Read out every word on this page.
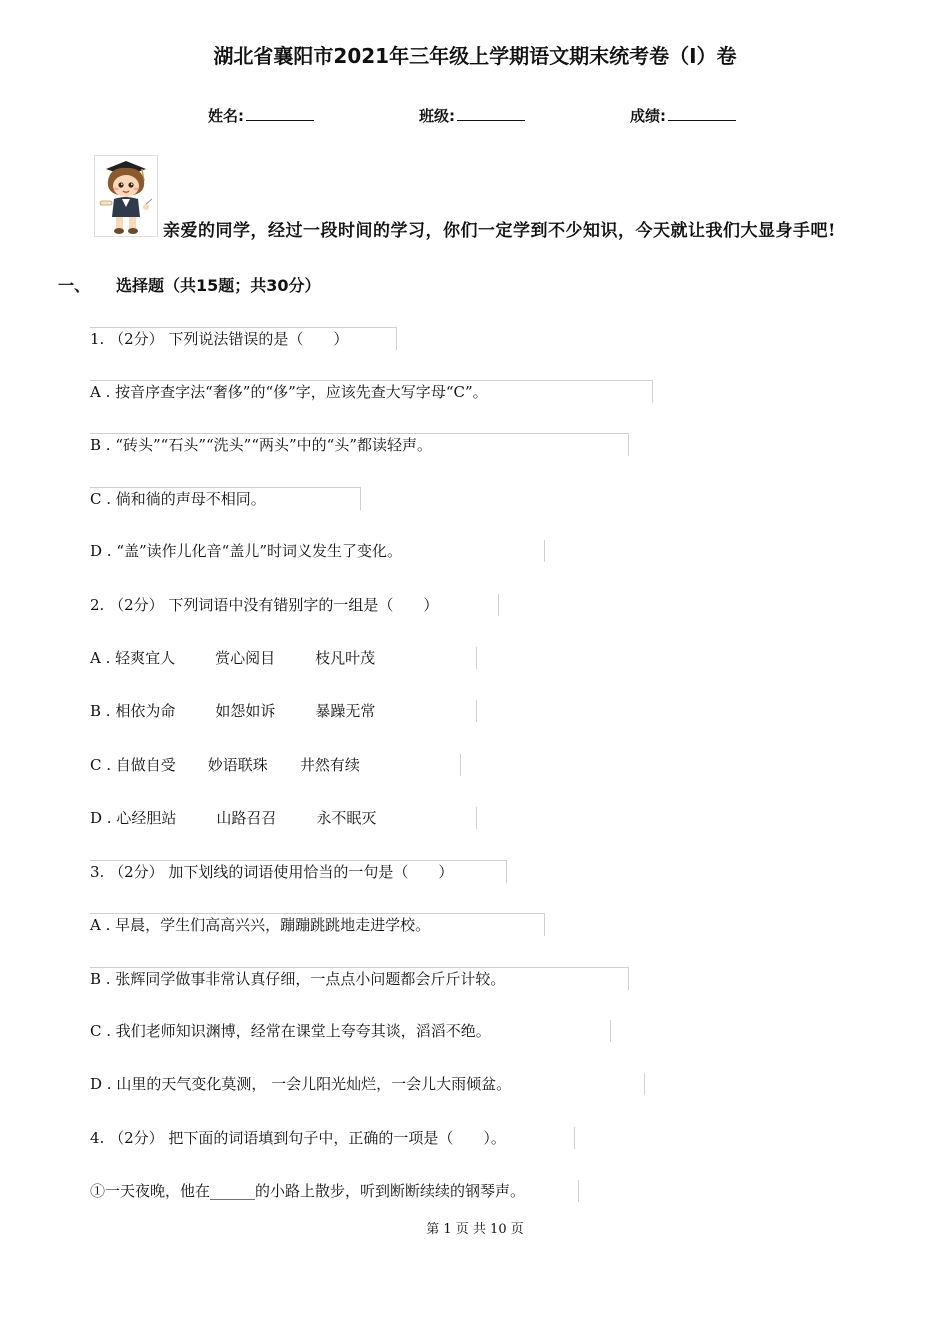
湖北省襄阳市2021年三年级上学期语文期末统考卷（I）卷
姓名:	班级:	成绩:
亲爱的同学，经过一段时间的学习，你们一定学到不少知识，今天就让我们大显身手吧!
一、 选择题（共15题；共30分）
1. （2分） 下列说法错误的是（　　）
A . 按音序查字法“奢侈”的“侈”字，应该先查大写字母“C”。
B . “砖头”“石头”“洗头”“两头”中的“头”都读轻声。
C . 倘和徜的声母不相同。
D . “盖”读作儿化音“盖儿”时词义发生了变化。
2. （2分） 下列词语中没有错别字的一组是（　　）
A . 轻爽宜人	赏心阅目	枝凡叶茂
B . 相依为命	如怨如诉	暴躁无常
C . 自做自受 妙语联珠 井然有续
D . 心经胆站	山路召召	永不眠灭
3. （2分） 加下划线的词语使用恰当的一句是（　　）
A . 早晨，学生们高高兴兴，蹦蹦跳跳地走进学校。
B . 张辉同学做事非常认真仔细，一点点小问题都会斤斤计较。
C . 我们老师知识渊博，经常在课堂上夸夸其谈，滔滔不绝。
D . 山里的天气变化莫测， 一会儿阳光灿烂，一会儿大雨倾盆。
4. （2分） 把下面的词语填到句子中，正确的一项是（　　）。
①一天夜晚，他在______的小路上散步，听到断断续续的钢琴声。
第 1 页 共 10 页
